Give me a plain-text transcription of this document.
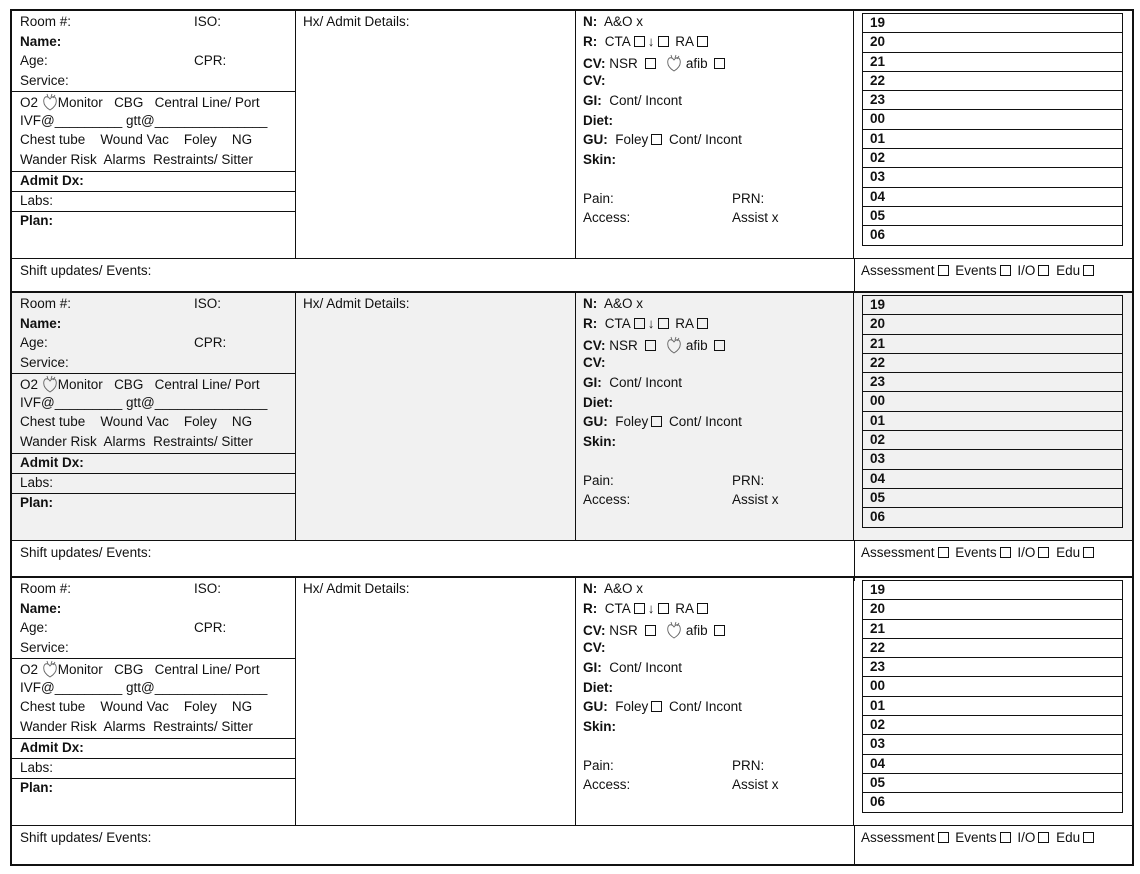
Room #:	ISO:
Name:
Age:	CPR:
Service:
O2 Monitor CBG Central Line/ Port
IVF@_________ gtt@_______________
Chest tube Wound Vac Foley NG
Wander Risk Alarms Restraints/ Sitter
Admit Dx:
Labs:
Plan:
Hx/ Admit Details:	N: A&O x
R: CTA ↓ RA
CV: NSR	afib
CV:
GI: Cont/ Incont
Diet:
GU: Foley Cont/ Incont
Skin:
Pain:	PRN:
Access:	Assist x
19
20
21
22
23
00
01
02
03
04
05
06
Shift updates/ Events:	Assessment Events I/O Edu
Room #:	ISO:
Name:
Age:	CPR:
Service:
O2 Monitor CBG Central Line/ Port
IVF@_________ gtt@_______________
Chest tube Wound Vac Foley NG
Wander Risk Alarms Restraints/ Sitter
Admit Dx:
Labs:
Plan:
Hx/ Admit Details:	N: A&O x
R: CTA ↓ RA
CV: NSR	afib
CV:
GI: Cont/ Incont
Diet:
GU: Foley Cont/ Incont
Skin:
Pain:	PRN:
Access:	Assist x
19
20
21
22
23
00
01
02
03
04
05
06
Shift updates/ Events:	Assessment Events I/O Edu
Room #:	ISO:
Name:
Age:	CPR:
Service:
O2 Monitor CBG Central Line/ Port
IVF@_________ gtt@_______________
Chest tube Wound Vac Foley NG
Wander Risk Alarms Restraints/ Sitter
Admit Dx:
Labs:
Plan:
Hx/ Admit Details:	N: A&O x
R: CTA ↓ RA
CV: NSR	afib
CV:
GI: Cont/ Incont
Diet:
GU: Foley Cont/ Incont
Skin:
Pain:	PRN:
Access:	Assist x
19
20
21
22
23
00
01
02
03
04
05
06
Shift updates/ Events:	Assessment Events I/O Edu
